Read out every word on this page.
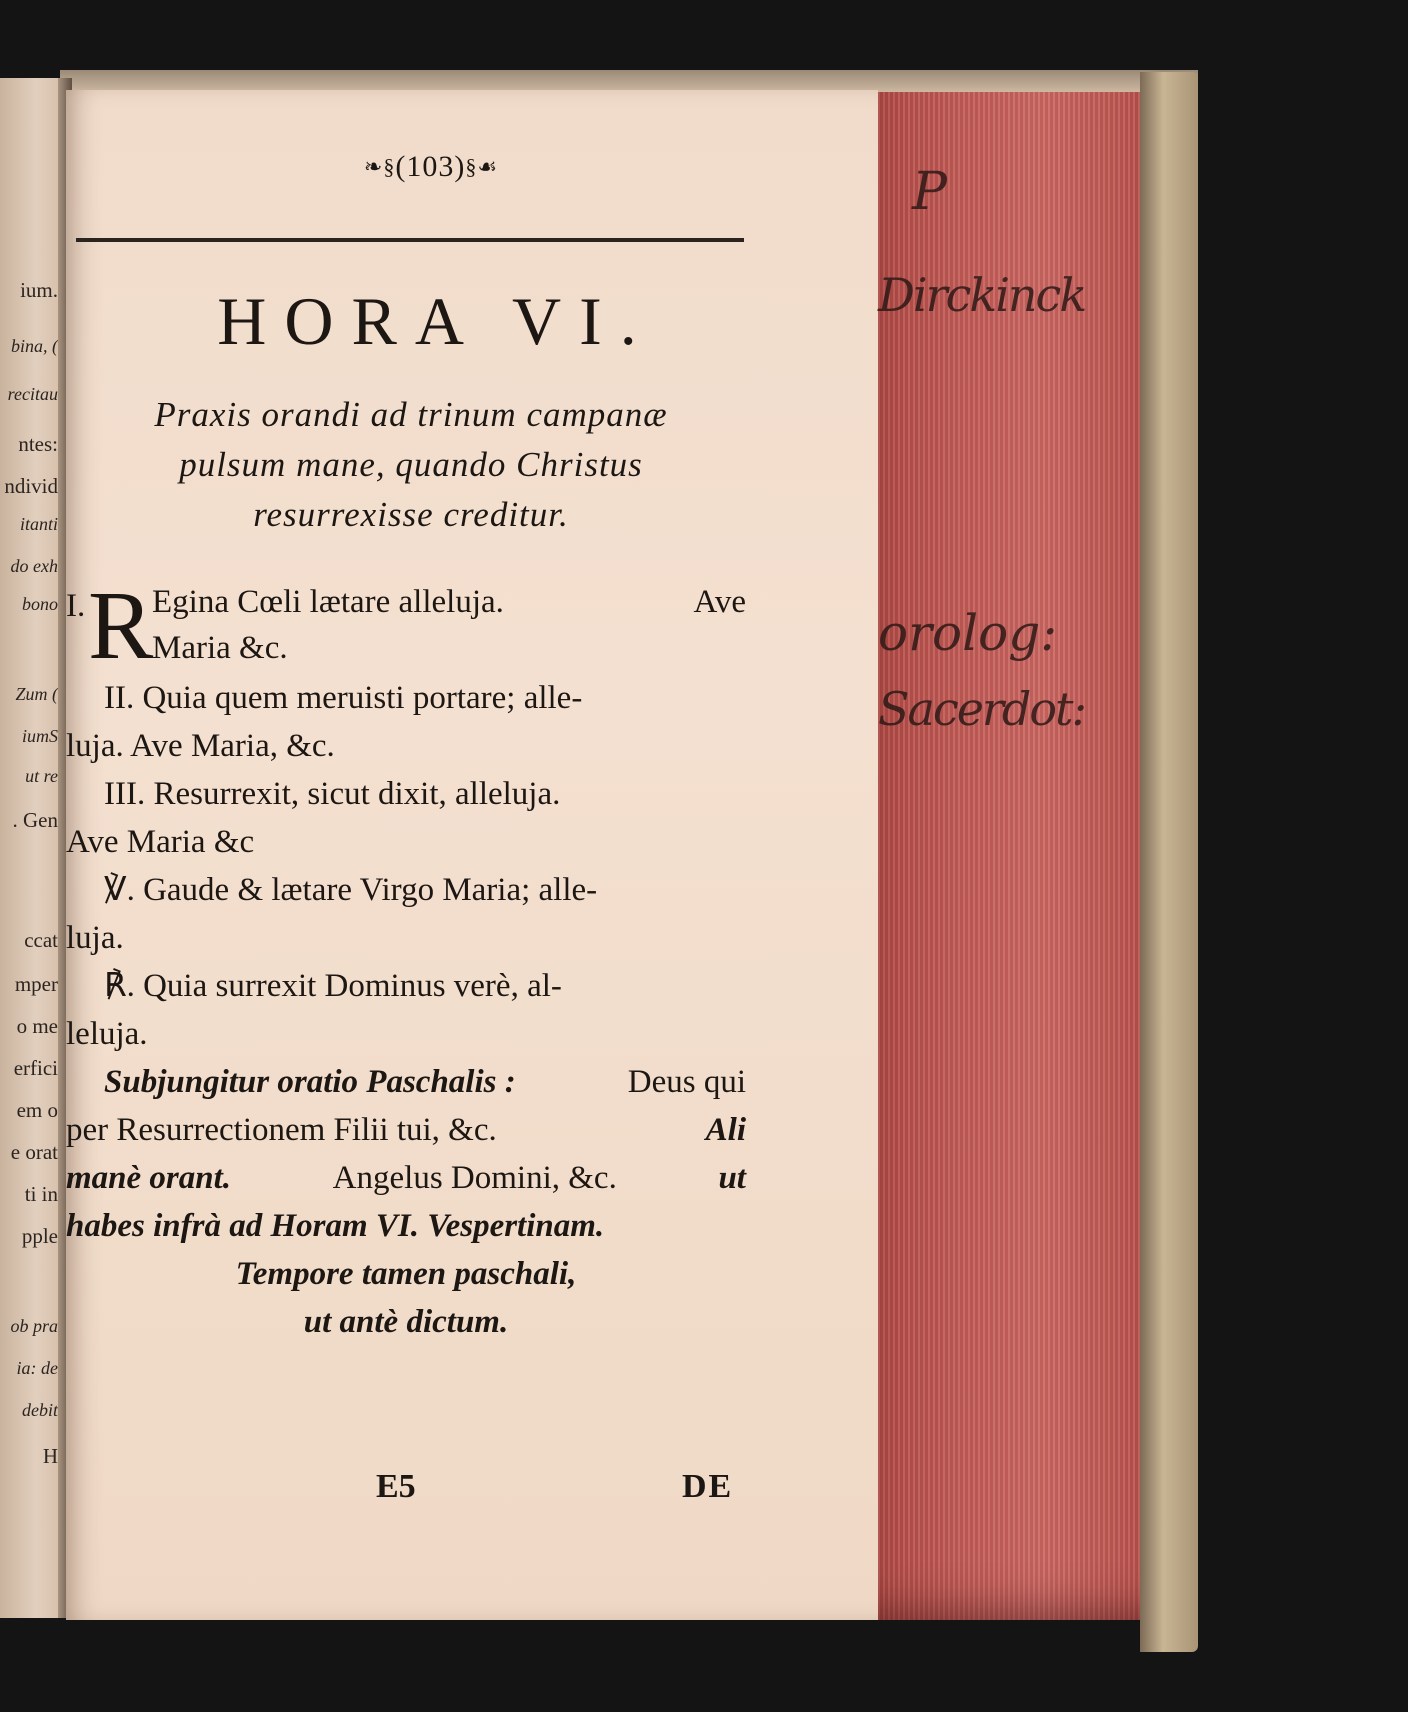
ium.
bina, (
recitau
ntes:
ndivid
itanti
do exh
bono
Zum (
iumS
ut re
. Gen
ccat
mper
o me
erfici
em o
e orat
ti in
pple
ob pra
ia: de
debit
H
❧§(103)§☙
HORA VI.
Praxis orandi ad trinum campanæ
pulsum mane, quando Christus
resurrexisse creditur.
I. R
Egina Cœli lætare alleluja.	Ave
Maria &c.
II. Quia quem meruisti portare; alle-
luja. Ave Maria, &c.
III. Resurrexit, sicut dixit, alleluja.
Ave Maria &c
℣. Gaude & lætare Virgo Maria; alle-
luja.
℟. Quia surrexit Dominus verè, al-
leluja.
Subjungitur oratio Paschalis :	Deus qui
per Resurrectionem Filii tui, &c.	Ali
manè orant.	Angelus Domini, &c.	ut
habes infrà ad Horam VI. Vespertinam.
Tempore tamen paschali,
ut antè dictum.
E5	DE
P
Dirckinck
orolog:
Sacerdot:
